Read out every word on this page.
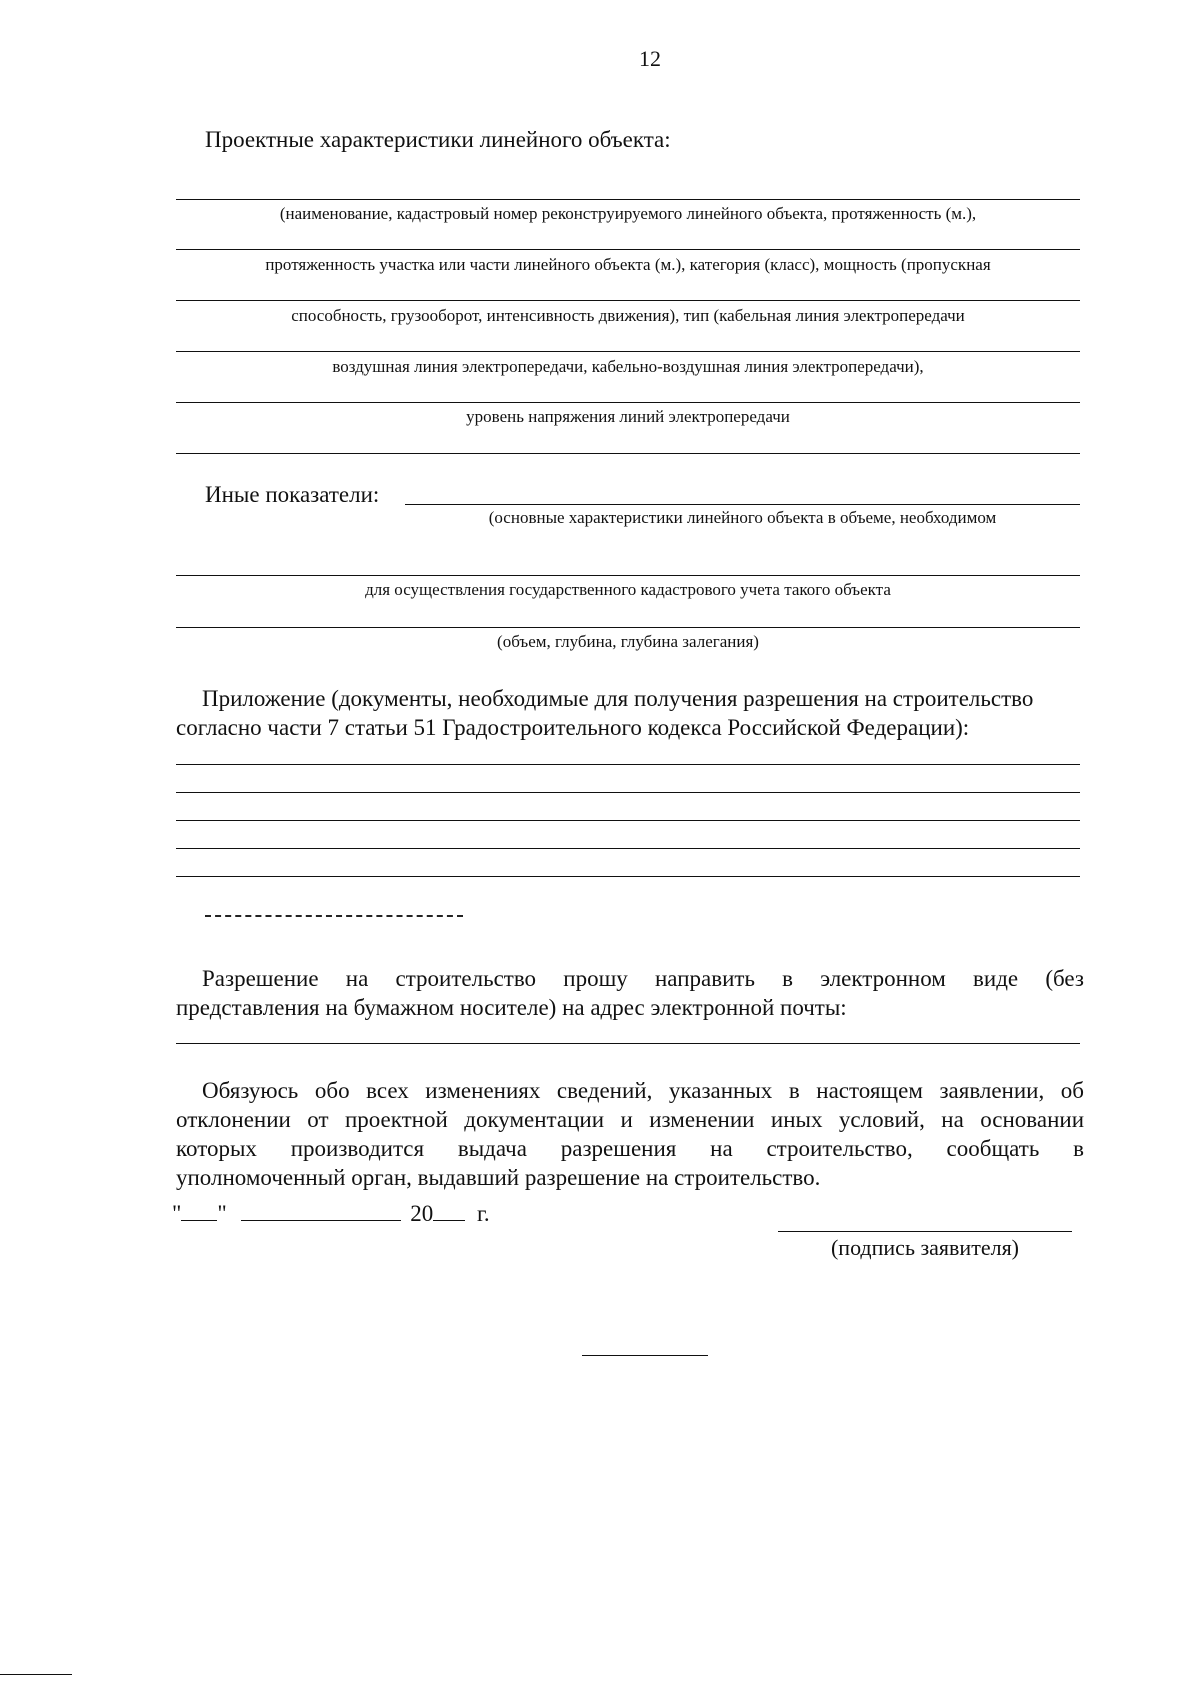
12
Проектные характеристики линейного объекта:
(наименование, кадастровый номер реконструируемого линейного объекта, протяженность (м.),
протяженность участка или части линейного объекта (м.), категория (класс), мощность (пропускная
способность, грузооборот, интенсивность движения), тип (кабельная линия электропередачи
воздушная линия электропередачи, кабельно-воздушная линия электропередачи),
уровень напряжения линий электропередачи
Иные показатели:
(основные характеристики линейного объекта в объеме, необходимом
для осуществления государственного кадастрового учета такого объекта
(объем, глубина, глубина залегания)
Приложение (документы, необходимые для получения разрешения на строительство
согласно части 7 статьи 51 Градостроительного кодекса Российской Федерации):
Разрешение на строительство прошу направить в электронном виде (без
представления на бумажном носителе) на адрес электронной почты:
Обязуюсь обо всех изменениях сведений, указанных в настоящем заявлении, об
отклонении от проектной документации и изменении иных условий, на основании
которых производится выдача разрешения на строительство, сообщать в
уполномоченный орган, выдавший разрешение на строительство.
" "	20 г.
(подпись заявителя)
